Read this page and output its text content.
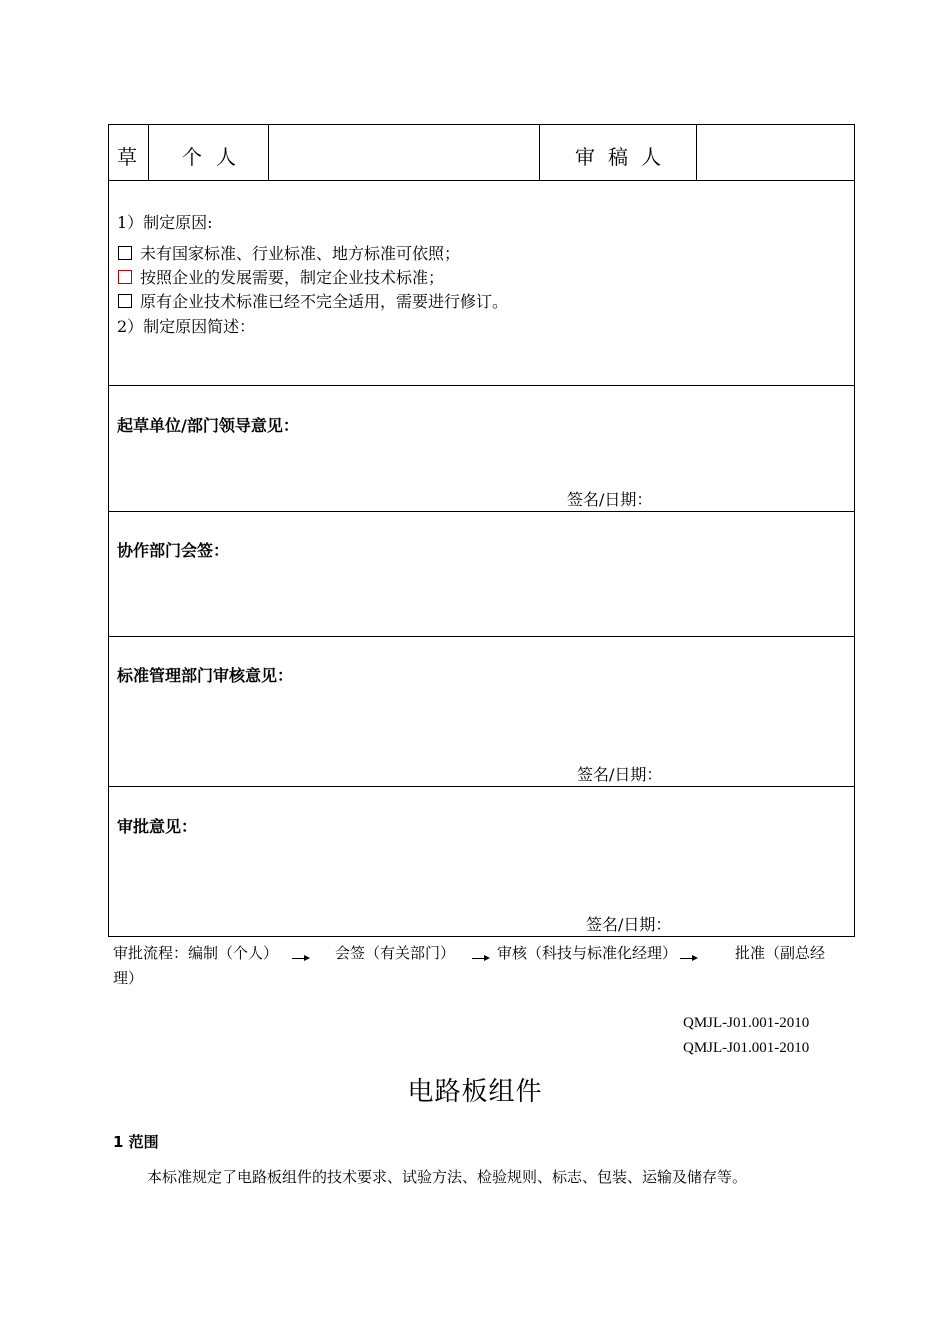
草 个人	审稿人
1）制定原因:
未有国家标准、行业标准、地方标准可依照；
按照企业的发展需要，制定企业技术标准；
原有企业技术标准已经不完全适用，需要进行修订。
2）制定原因简述：
起草单位/部门领导意见：
签名/日期：
协作部门会签：
标准管理部门审核意见：
签名/日期：
审批意见：
签名/日期：
审批流程：编制（个人）	会签（有关部门）	审核（科技与标准化经理）	批准（副总经
理）
QMJL-J01.001-2010
QMJL-J01.001-2010
电路板组件
1 范围
本标准规定了电路板组件的技术要求、试验方法、检验规则、标志、包装、运输及储存等。
